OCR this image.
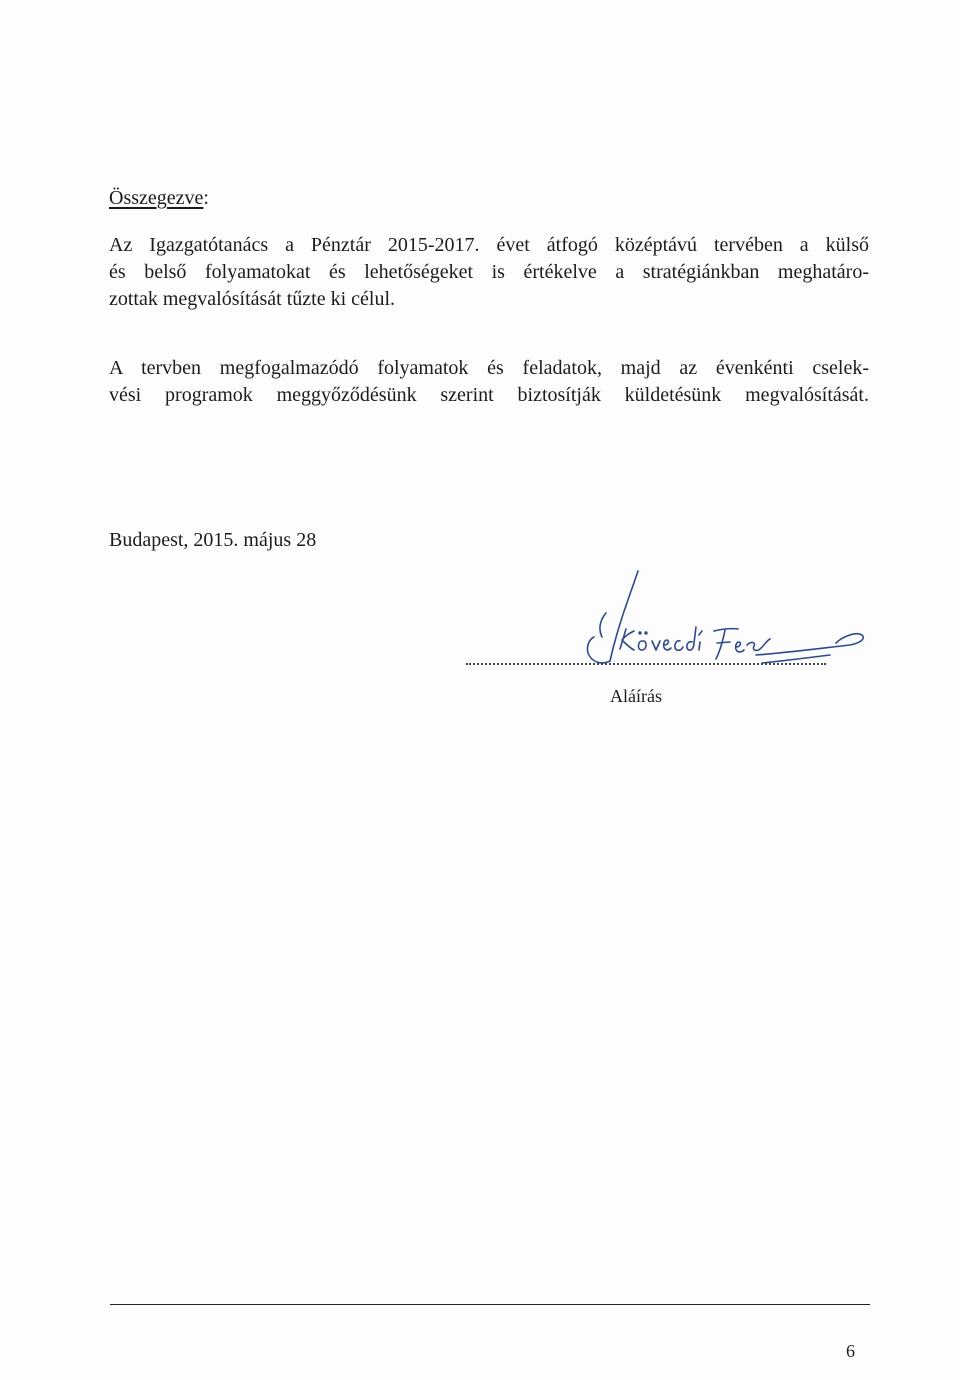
Összegezve:

Az Igazgatótanács a Pénztár 2015-2017. évet átfogó középtávú tervében a külső
és belső folyamatokat és lehetőségeket is értékelve a stratégiánkban meghatáro-
zottak megvalósítását tűzte ki célul.

A tervben megfogalmazódó folyamatok és feladatok, majd az évenkénti cselek-
vési programok meggyőződésünk szerint biztosítják küldetésünk megvalósítását.

Budapest, 2015. május 28
Aláírás
6
